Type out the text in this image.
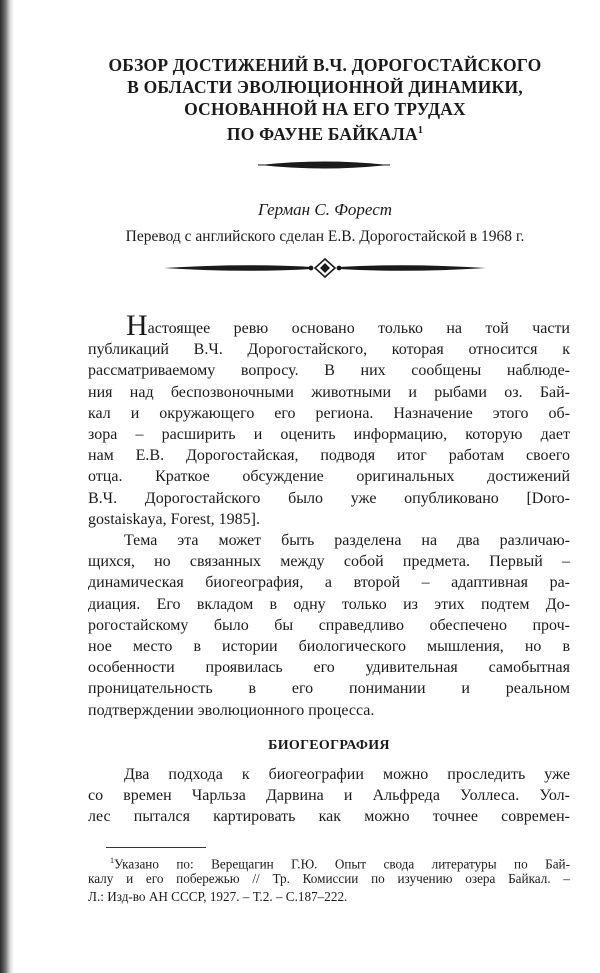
ОБЗОР ДОСТИЖЕНИЙ В.Ч. ДОРОГОСТАЙСКОГО
В ОБЛАСТИ ЭВОЛЮЦИОННОЙ ДИНАМИКИ,
ОСНОВАННОЙ НА ЕГО ТРУДАХ
ПО ФАУНЕ БАЙКАЛА$^1$
Герман С. Форест
Перевод с английского сделан Е.В. Дорогостайской в 1968 г.
Настоящее ревю основано только на той части
публикаций В.Ч. Дорогостайского, которая относится к
рассматриваемому вопросу. В них сообщены наблюде-
ния над беспозвоночными животными и рыбами оз. Бай-
кал и окружающего его региона. Назначение этого об-
зора – расширить и оценить информацию, которую дает
нам Е.В. Дорогостайская, подводя итог работам своего
отца. Краткое обсуждение оригинальных достижений
В.Ч. Дорогостайского было уже опубликовано [Doro-
gostaiskaya, Forest, 1985].
Тема эта может быть разделена на два различаю-
щихся, но связанных между собой предмета. Первый –
динамическая биогеография, а второй – адаптивная ра-
диация. Его вкладом в одну только из этих подтем До-
рогостайскому было бы справедливо обеспечено проч-
ное место в истории биологического мышления, но в
особенности проявилась его удивительная самобытная
проницательность в его понимании и реальном
подтверждении эволюционного процесса.
БИОГЕОГРАФИЯ
Два подхода к биогеографии можно проследить уже
со времен Чарльза Дарвина и Альфреда Уоллеса. Уол-
лес пытался картировать как можно точнее современ-
$^1$Указано по: Верещагин Г.Ю. Опыт свода литературы по Бай-
калу и его побережью // Тр. Комиссии по изучению озера Байкал. –
Л.: Изд-во АН СССР, 1927. – Т.2. – С.187–222.
